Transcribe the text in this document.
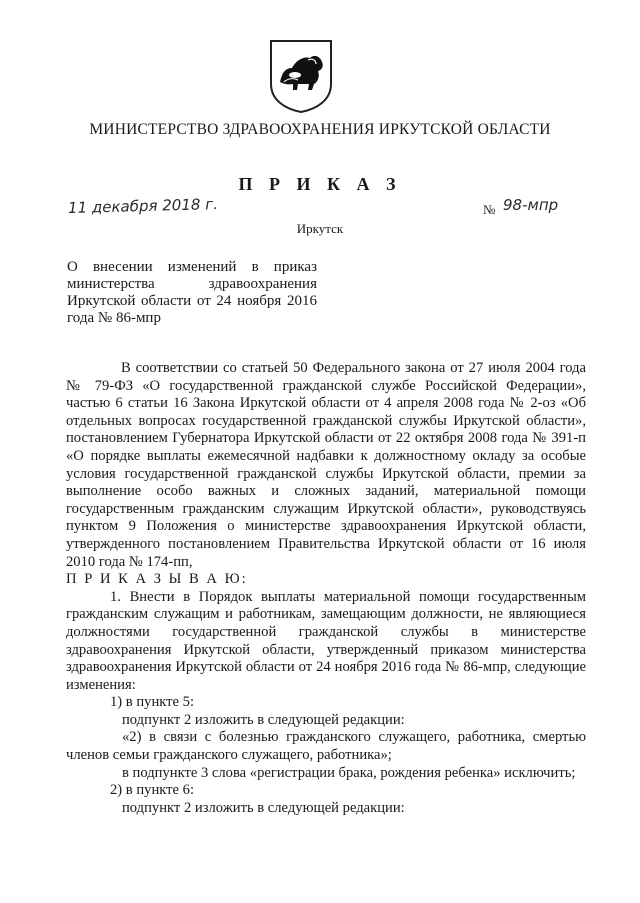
МИНИСТЕРСТВО ЗДРАВООХРАНЕНИЯ ИРКУТСКОЙ ОБЛАСТИ
П Р И К А З
11 декабря 2018 г.	№ 98-мпр
Иркутск
О внесении изменений в приказ министерства здравоохранения Иркутской области от 24 ноября 2016 года № 86-мпр

В соответствии со статьей 50 Федерального закона от 27 июля 2004 года № 79-ФЗ «О государственной гражданской службе Российской Федерации», частью 6 статьи 16 Закона Иркутской области от 4 апреля 2008 года № 2-оз «Об отдельных вопросах государственной гражданской службы Иркутской области», постановлением Губернатора Иркутской области от 22 октября 2008 года № 391-п «О порядке выплаты ежемесячной надбавки к должностному окладу за особые условия государственной гражданской службы Иркутской области, премии за выполнение особо важных и сложных заданий, материальной помощи государственным гражданским служащим Иркутской области», руководствуясь пунктом 9 Положения о министерстве здравоохранения Иркутской области, утвержденного постановлением Правительства Иркутской области от 16 июля 2010 года № 174-пп,

П Р И К А З Ы В А Ю:

1. Внести в Порядок выплаты материальной помощи государственным гражданским служащим и работникам, замещающим должности, не являющиеся должностями государственной гражданской службы в министерстве здравоохранения Иркутской области, утвержденный приказом министерства здравоохранения Иркутской области от 24 ноября 2016 года № 86-мпр, следующие изменения:

1) в пункте 5:

подпункт 2 изложить в следующей редакции:

«2) в связи с болезнью гражданского служащего, работника, смертью членов семьи гражданского служащего, работника»;

в подпункте 3 слова «регистрации брака, рождения ребенка» исключить;

2) в пункте 6:

подпункт 2 изложить в следующей редакции:
